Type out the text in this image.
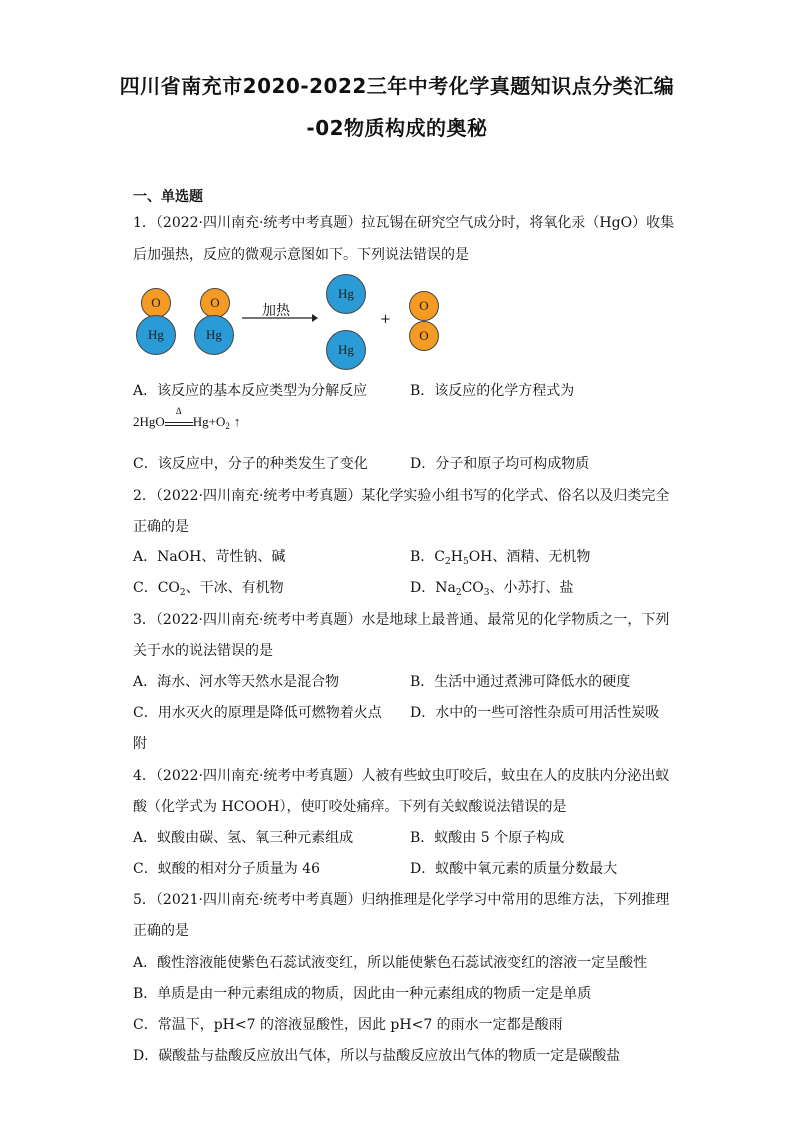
四川省南充市2020-2022三年中考化学真题知识点分类汇编
-02物质构成的奥秘
一、单选题
1．（2022·四川南充·统考中考真题）拉瓦锡在研究空气成分时，将氧化汞（HgO）收集
后加强热，反应的微观示意图如下。下列说法错误的是
O
Hg
O
Hg
加热
Hg
Hg
+
O
O
A．该反应的基本反应类型为分解反应	B．该反应的化学方程式为
2HgO
Δ
$Hg+O_2$ ↑
C．该反应中，分子的种类发生了变化	D．分子和原子均可构成物质
2．（2022·四川南充·统考中考真题）某化学实验小组书写的化学式、俗名以及归类完全
正确的是
A．NaOH、苛性钠、碱	B．$C_2H_5OH$、酒精、无机物
C．$CO_2$、干冰、有机物	D．$Na_2CO_3$、小苏打、盐
3．（2022·四川南充·统考中考真题）水是地球上最普通、最常见的化学物质之一，下列
关于水的说法错误的是
A．海水、河水等天然水是混合物	B．生活中通过煮沸可降低水的硬度
C．用水灭火的原理是降低可燃物着火点 D．水中的一些可溶性杂质可用活性炭吸
附
4．（2022·四川南充·统考中考真题）人被有些蚊虫叮咬后，蚊虫在人的皮肤内分泌出蚁
酸（化学式为 HCOOH），使叮咬处痛痒。下列有关蚁酸说法错误的是
A．蚁酸由碳、氢、氧三种元素组成	B．蚁酸由 5 个原子构成
C．蚁酸的相对分子质量为 46	D．蚁酸中氧元素的质量分数最大
5．（2021·四川南充·统考中考真题）归纳推理是化学学习中常用的思维方法，下列推理
正确的是
A．酸性溶液能使紫色石蕊试液变红，所以能使紫色石蕊试液变红的溶液一定呈酸性
B．单质是由一种元素组成的物质，因此由一种元素组成的物质一定是单质
C．常温下，pH<7 的溶液显酸性，因此 pH<7 的雨水一定都是酸雨
D．碳酸盐与盐酸反应放出气体，所以与盐酸反应放出气体的物质一定是碳酸盐
